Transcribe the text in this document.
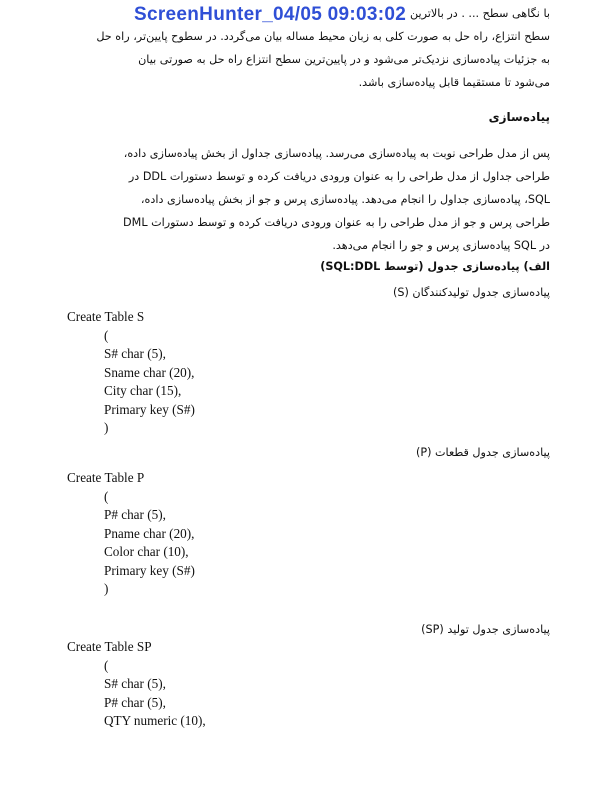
ScreenHunter_04/05 09:03:02 با نگاهی سطح ... . در بالاترین
سطح انتزاع، راه حل به صورت کلی به زبان محیط مساله بیان می‌گردد. در سطوح پایین‌تر، راه حل
به جزئیات پیاده‌سازی نزدیک‌تر می‌شود و در پایین‌ترین سطح انتزاع راه حل به صورتی بیان
می‌شود تا مستقیما قابل پیاده‌سازی باشد.
پیاده‌سازی
پس از مدل طراحی نوبت به پیاده‌سازی می‌رسد. پیاده‌سازی جداول از بخش پیاده‌سازی داده،
طراحی جداول از مدل طراحی را به عنوان ورودی دریافت کرده و توسط دستورات DDL در
SQL، پیاده‌سازی جداول را انجام می‌دهد. پیاده‌سازی پرس و جو از بخش پیاده‌سازی داده،
طراحی پرس و جو از مدل طراحی را به عنوان ورودی دریافت کرده و توسط دستورات DML
در SQL پیاده‌سازی پرس و جو را انجام می‌دهد.
الف) پیاده‌سازی جدول (توسط SQL:DDL)
پیاده‌سازی جدول تولیدکنندگان (S)
Create Table S
(
S# char (5),
Sname char (20),
City char (15),
Primary key (S#)
)
پیاده‌سازی جدول قطعات (P)
Create Table P
(
P# char (5),
Pname char (20),
Color char (10),
Primary key (S#)
)
پیاده‌سازی جدول تولید (SP)
Create Table SP
(
S# char (5),
P# char (5),
QTY numeric (10),
